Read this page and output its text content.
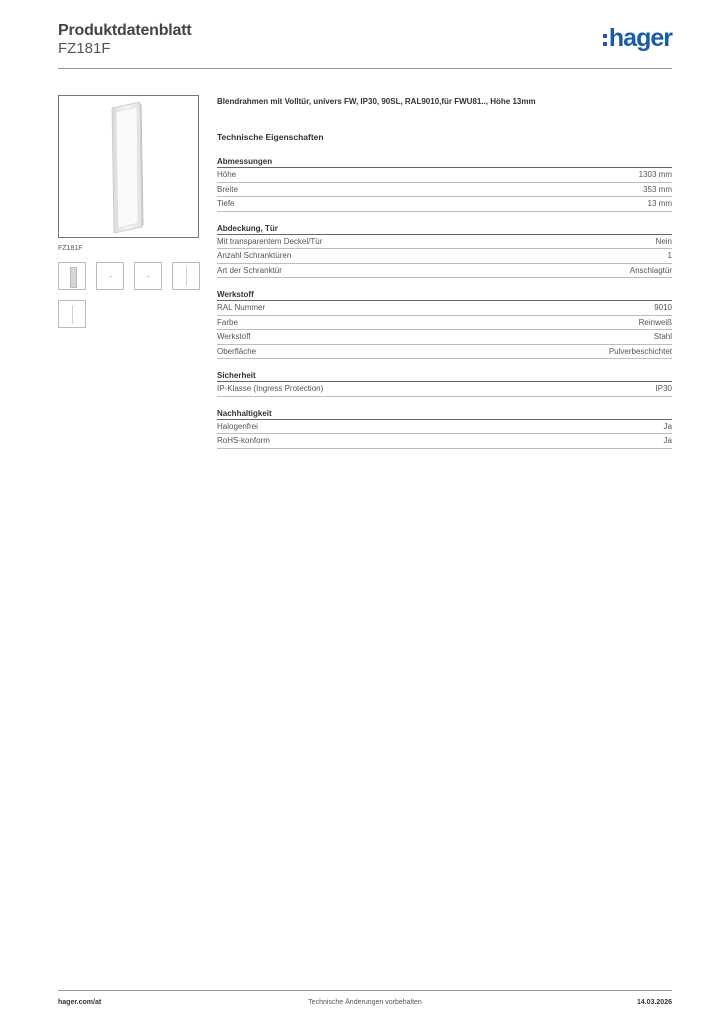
Produktdatenblatt
FZ181F	hager
FZ181F
Blendrahmen mit Volltür, univers FW, IP30, 90SL, RAL9010,für FWU81.., Höhe 13mm
Technische Eigenschaften
Abmessungen
Höhe	1303 mm
Breite	353 mm
Tiefe	13 mm
Abdeckung, Tür
Mit transparentem Deckel/Tür	Nein
Anzahl Schranktüren	1
Art der Schranktür	Anschlagtür
Werkstoff
RAL Nummer	9010
Farbe	Reinweiß
Werkstoff	Stahl
Oberfläche	Pulverbeschichtet
Sicherheit
IP-Klasse (Ingress Protection)	IP30
Nachhaltigkeit
Halogenfrei	Ja
RoHS-konform	Ja
hager.com/at	Technische Änderungen vorbehalten	14.03.2026
